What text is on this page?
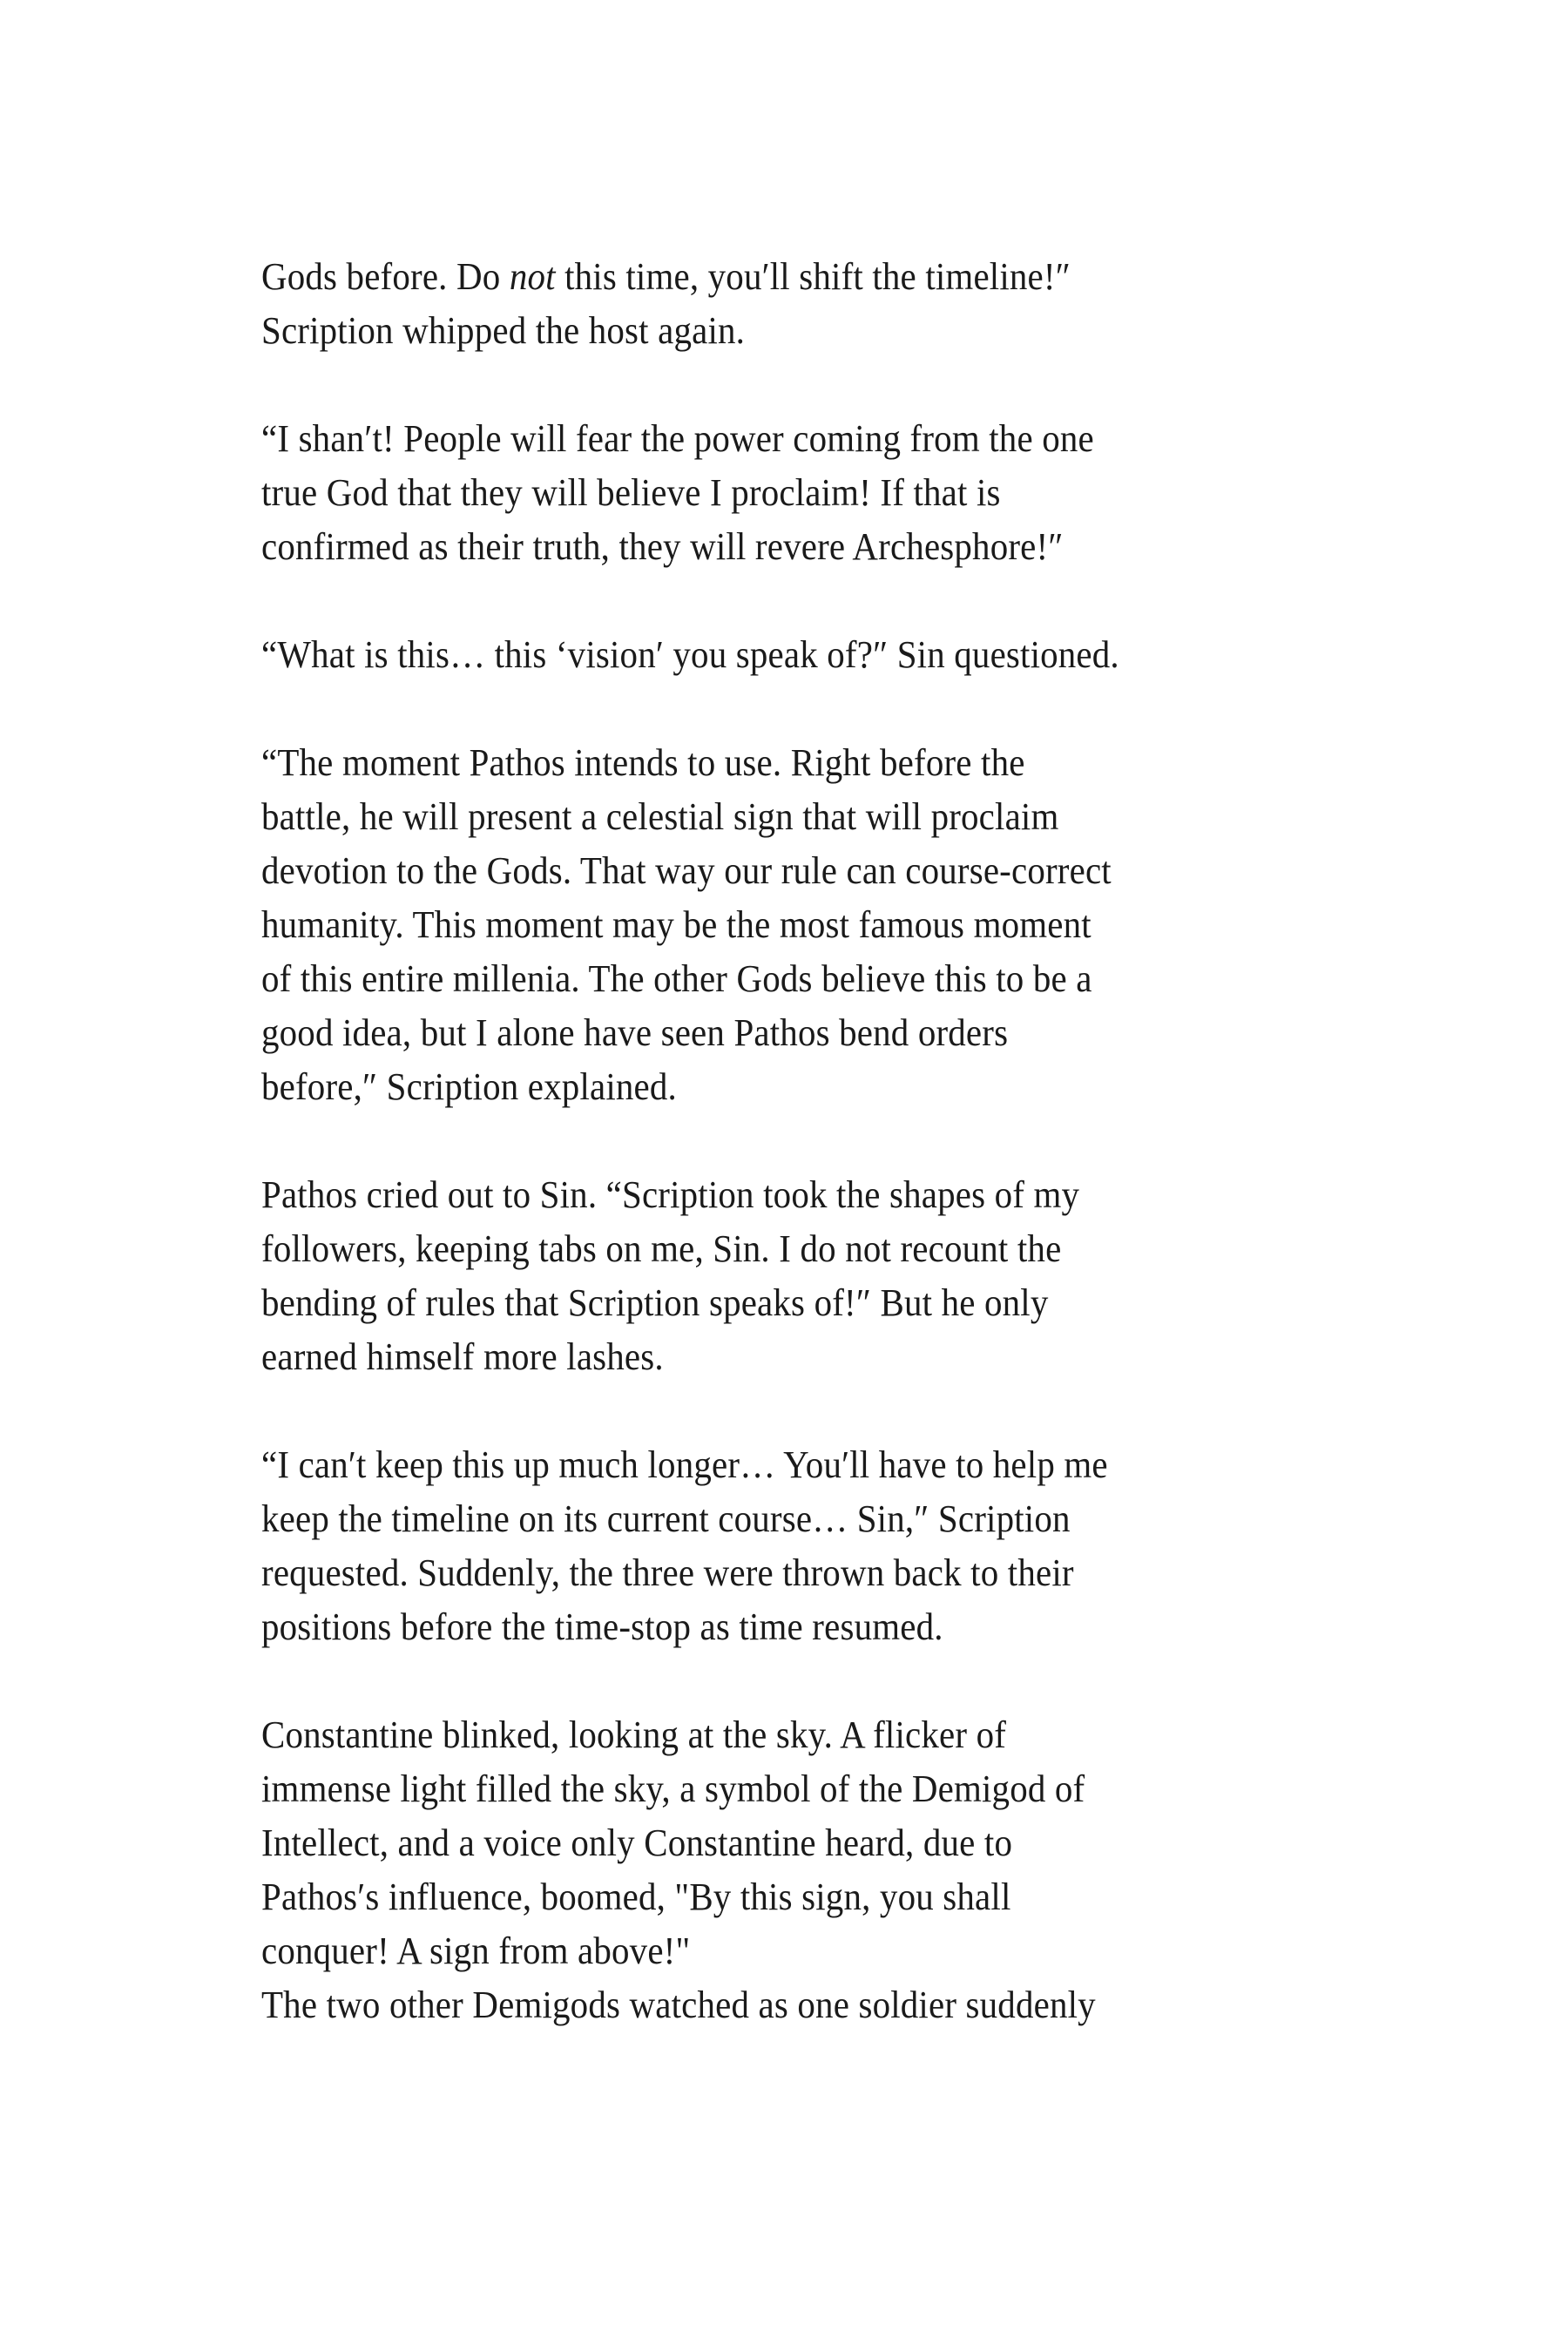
Gods before. Do not this time, you′ll shift the timeline!″
Scription whipped the host again.
“I shan′t! People will fear the power coming from the one
true God that they will believe I proclaim! If that is
confirmed as their truth, they will revere Archesphore!″
“What is this… this ‘vision′ you speak of?″ Sin questioned.
“The moment Pathos intends to use. Right before the
battle, he will present a celestial sign that will proclaim
devotion to the Gods. That way our rule can course-correct
humanity. This moment may be the most famous moment
of this entire millenia. The other Gods believe this to be a
good idea, but I alone have seen Pathos bend orders
before,″ Scription explained.
Pathos cried out to Sin. “Scription took the shapes of my
followers, keeping tabs on me, Sin. I do not recount the
bending of rules that Scription speaks of!″ But he only
earned himself more lashes.
“I can′t keep this up much longer… You′ll have to help me
keep the timeline on its current course… Sin,″ Scription
requested. Suddenly, the three were thrown back to their
positions before the time-stop as time resumed.
Constantine blinked, looking at the sky. A flicker of
immense light filled the sky, a symbol of the Demigod of
Intellect, and a voice only Constantine heard, due to
Pathos′s influence, boomed, "By this sign, you shall
conquer! A sign from above!"
The two other Demigods watched as one soldier suddenly
